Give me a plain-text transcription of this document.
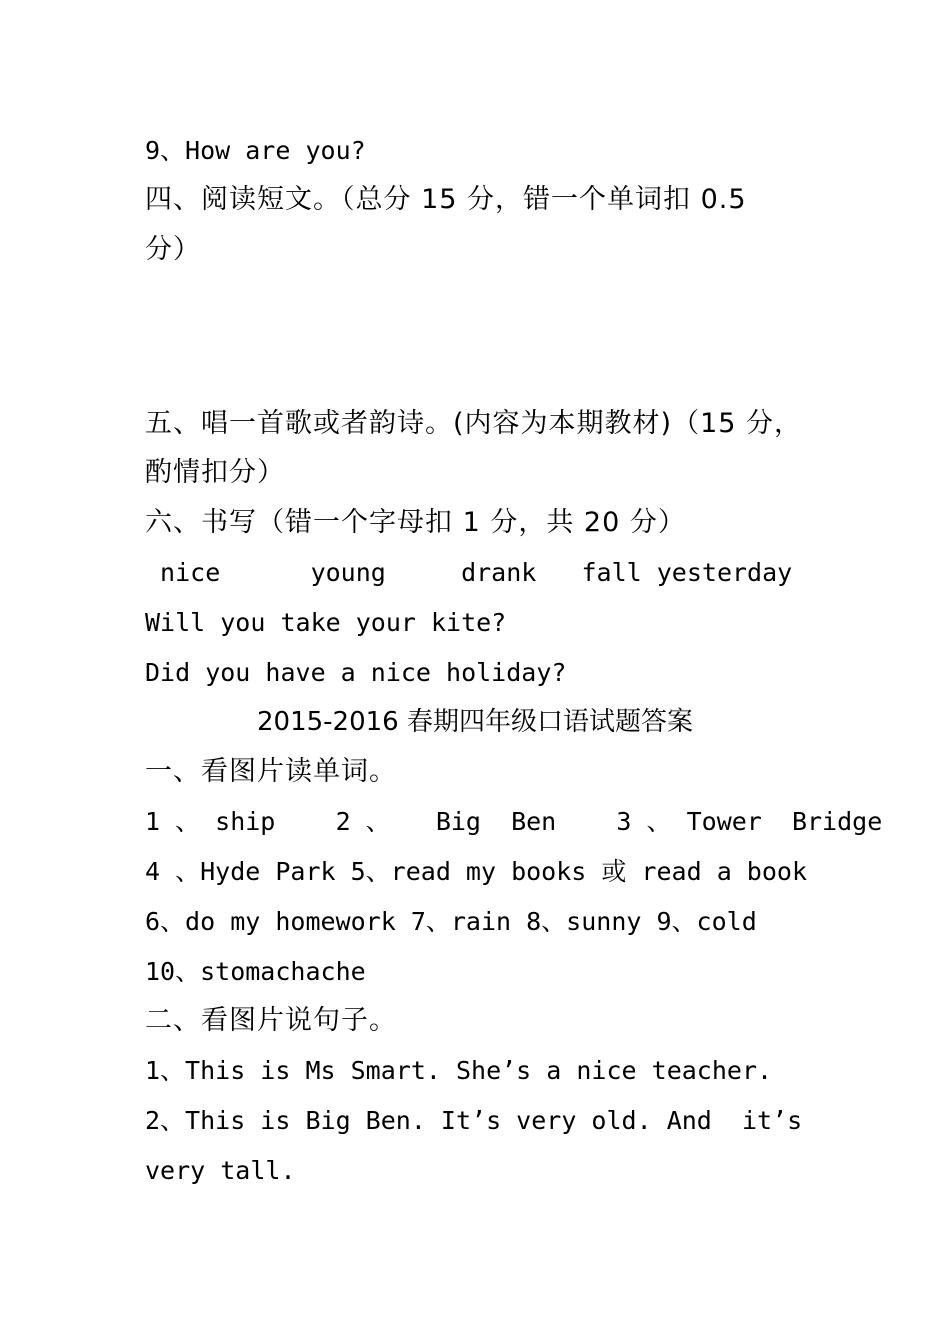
9、How are you?
四、阅读短文。（总分 15 分，错一个单词扣 0.5
分）
五、唱一首歌或者韵诗。(内容为本期教材)（15 分，
酌情扣分）
六、书写（错一个字母扣 1 分，共 20 分）
nice      young     drank   fall yesterday
Will you take your kite?
Did you have a nice holiday?
2015-2016 春期四年级口语试题答案
一、看图片读单词。
1 、 ship    2 、   Big  Ben    3 、 Tower  Bridge
4 、Hyde Park 5、read my books 或 read a book
6、do my homework 7、rain 8、sunny 9、cold
10、stomachache
二、看图片说句子。
1、This is Ms Smart. She’s a nice teacher.
2、This is Big Ben. It’s very old. And  it’s
very tall.
